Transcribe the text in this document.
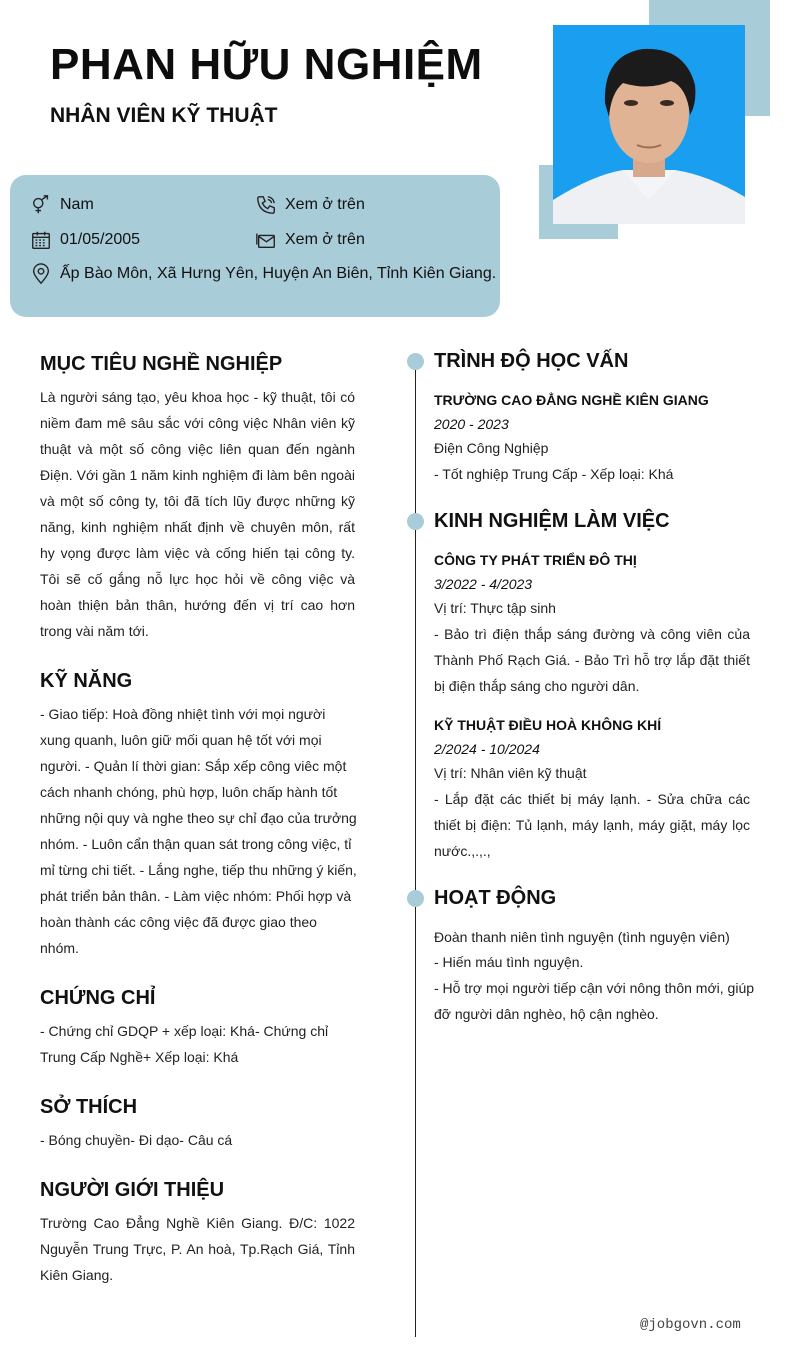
PHAN HỮU NGHIỆM
NHÂN VIÊN KỸ THUẬT
Nam
01/05/2005
Xem ở trên
Xem ở trên
Ấp Bào Môn, Xã Hưng Yên, Huyện An Biên, Tỉnh Kiên Giang.
MỤC TIÊU NGHỀ NGHIỆP

Là người sáng tạo, yêu khoa học - kỹ thuật, tôi có niềm đam mê sâu sắc với công việc Nhân viên kỹ thuật và một số công việc liên quan đến ngành Điện. Với gần 1 năm kinh nghiệm đi làm bên ngoài và một số công ty, tôi đã tích lũy được những kỹ năng, kinh nghiệm nhất định về chuyên môn, rất hy vọng được làm việc và cống hiến tại công ty. Tôi sẽ cố gắng nỗ lực học hỏi về công việc và hoàn thiện bản thân, hướng đến vị trí cao hơn trong vài năm tới.

KỸ NĂNG

- Giao tiếp: Hoà đồng nhiệt tình với mọi người xung quanh, luôn giữ mối quan hệ tốt với mọi người. - Quản lí thời gian: Sắp xếp công viêc một cách nhanh chóng, phù hợp, luôn chấp hành tốt những nội quy và nghe theo sự chỉ đạo của trưởng nhóm. - Luôn cẩn thận quan sát trong công việc, tỉ mỉ từng chi tiết. - Lắng nghe, tiếp thu những ý kiến, phát triển bản thân. - Làm việc nhóm: Phối hợp và hoàn thành các công việc đã được giao theo nhóm.

CHỨNG CHỈ

- Chứng chỉ GDQP + xếp loại: Khá- Chứng chỉ Trung Cấp Nghề+ Xếp loại: Khá

SỞ THÍCH

- Bóng chuyền- Đi dạo- Câu cá

NGƯỜI GIỚI THIỆU

Trường Cao Đẳng Nghề Kiên Giang. Đ/C: 1022 Nguyễn Trung Trực, P. An hoà, Tp.Rạch Giá, Tỉnh Kiên Giang.

TRÌNH ĐỘ HỌC VẤN

TRƯỜNG CAO ĐẲNG NGHỀ KIÊN GIANG

2020 - 2023

Điện Công Nghiệp

- Tốt nghiệp Trung Cấp - Xếp loại: Khá

KINH NGHIỆM LÀM VIỆC

CÔNG TY PHÁT TRIỂN ĐÔ THỊ

3/2022 - 4/2023

Vị trí: Thực tập sinh

- Bảo trì điện thắp sáng đường và công viên của Thành Phố Rạch Giá. - Bảo Trì hỗ trợ lắp đặt thiết bị điện thắp sáng cho người dân.

KỸ THUẬT ĐIỀU HOÀ KHÔNG KHÍ

2/2024 - 10/2024

Vị trí: Nhân viên kỹ thuật

- Lắp đặt các thiết bị máy lạnh. - Sửa chữa các thiết bị điện: Tủ lạnh, máy lạnh, máy giặt, máy lọc nước.,.,.,

HOẠT ĐỘNG

Đoàn thanh niên tình nguyện (tình nguyện viên)

- Hiến máu tình nguyện.

- Hỗ trợ mọi người tiếp cận với nông thôn mới, giúp đỡ người dân nghèo, hộ cận nghèo.

@jobgovn.com
